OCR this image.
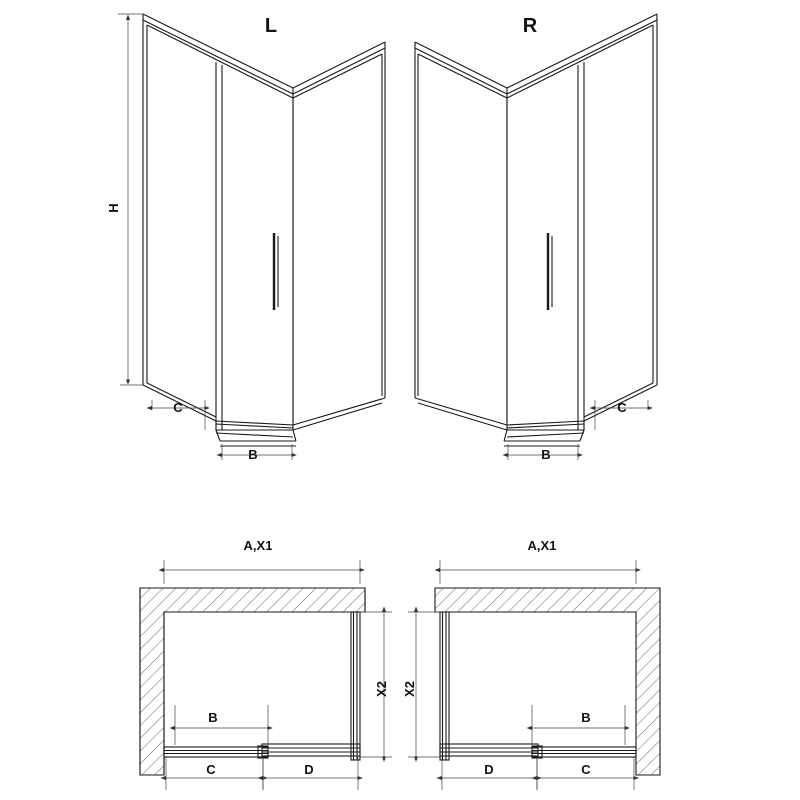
L	R
H
C
B
C
B
A,X1
X2
B
C	D
A,X1
X2
B
C
D
